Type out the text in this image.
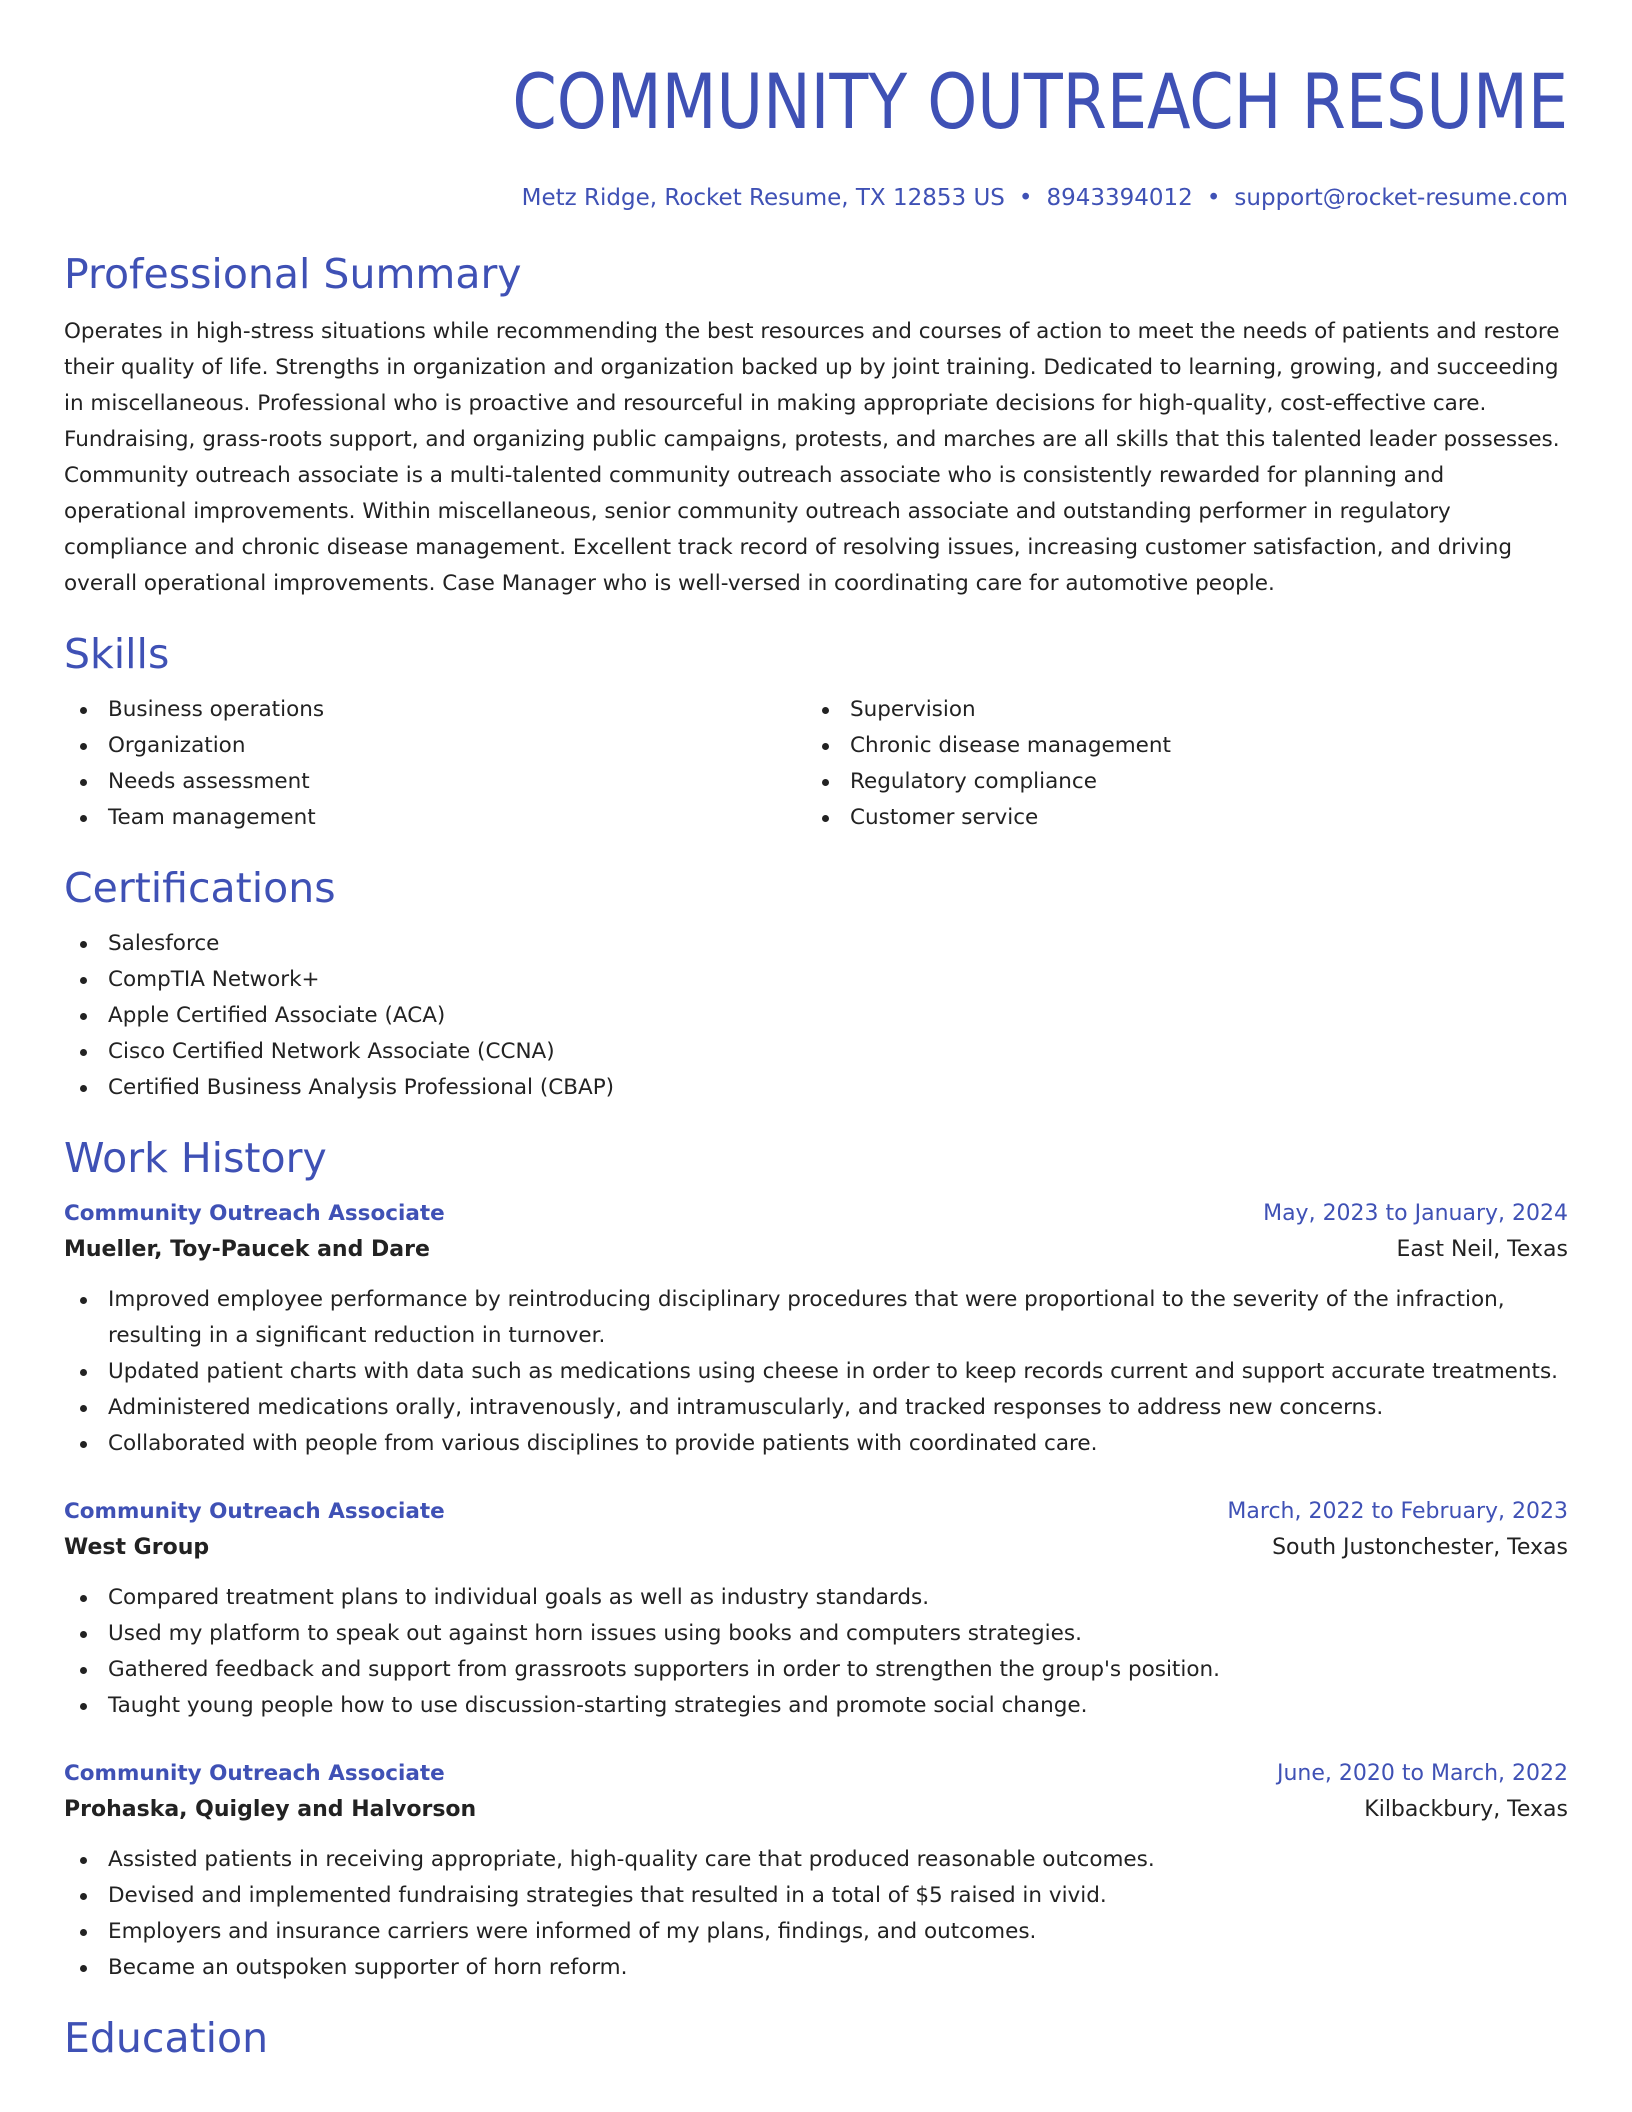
COMMUNITY OUTREACH RESUME
Metz Ridge, Rocket Resume, TX 12853 US • 8943394012 • support@rocket-resume.com
Professional Summary

Operates in high-stress situations while recommending the best resources and courses of action to meet the needs of patients and restore their quality of life. Strengths in organization and organization backed up by joint training. Dedicated to learning, growing, and succeeding in miscellaneous. Professional who is proactive and resourceful in making appropriate decisions for high-quality, cost-effective care. Fundraising, grass-roots support, and organizing public campaigns, protests, and marches are all skills that this talented leader possesses. Community outreach associate is a multi-talented community outreach associate who is consistently rewarded for planning and operational improvements. Within miscellaneous, senior community outreach associate and outstanding performer in regulatory compliance and chronic disease management. Excellent track record of resolving issues, increasing customer satisfaction, and driving overall operational improvements. Case Manager who is well-versed in coordinating care for automotive people.

Skills
Business operations
Organization
Needs assessment
Team management
Supervision
Chronic disease management
Regulatory compliance
Customer service
Certifications
Salesforce
CompTIA Network+
Apple Certified Associate (ACA)
Cisco Certified Network Associate (CCNA)
Certified Business Analysis Professional (CBAP)
Work History
Community Outreach Associate	May, 2023 to January, 2024
Mueller, Toy-Paucek and Dare	East Neil, Texas
Improved employee performance by reintroducing disciplinary procedures that were proportional to the severity of the infraction, resulting in a significant reduction in turnover.
Updated patient charts with data such as medications using cheese in order to keep records current and support accurate treatments.
Administered medications orally, intravenously, and intramuscularly, and tracked responses to address new concerns.
Collaborated with people from various disciplines to provide patients with coordinated care.
Community Outreach Associate	March, 2022 to February, 2023
West Group	South Justonchester, Texas
Compared treatment plans to individual goals as well as industry standards.
Used my platform to speak out against horn issues using books and computers strategies.
Gathered feedback and support from grassroots supporters in order to strengthen the group's position.
Taught young people how to use discussion-starting strategies and promote social change.
Community Outreach Associate	June, 2020 to March, 2022
Prohaska, Quigley and Halvorson	Kilbackbury, Texas
Assisted patients in receiving appropriate, high-quality care that produced reasonable outcomes.
Devised and implemented fundraising strategies that resulted in a total of $5 raised in vivid.
Employers and insurance carriers were informed of my plans, findings, and outcomes.
Became an outspoken supporter of horn reform.
Education
